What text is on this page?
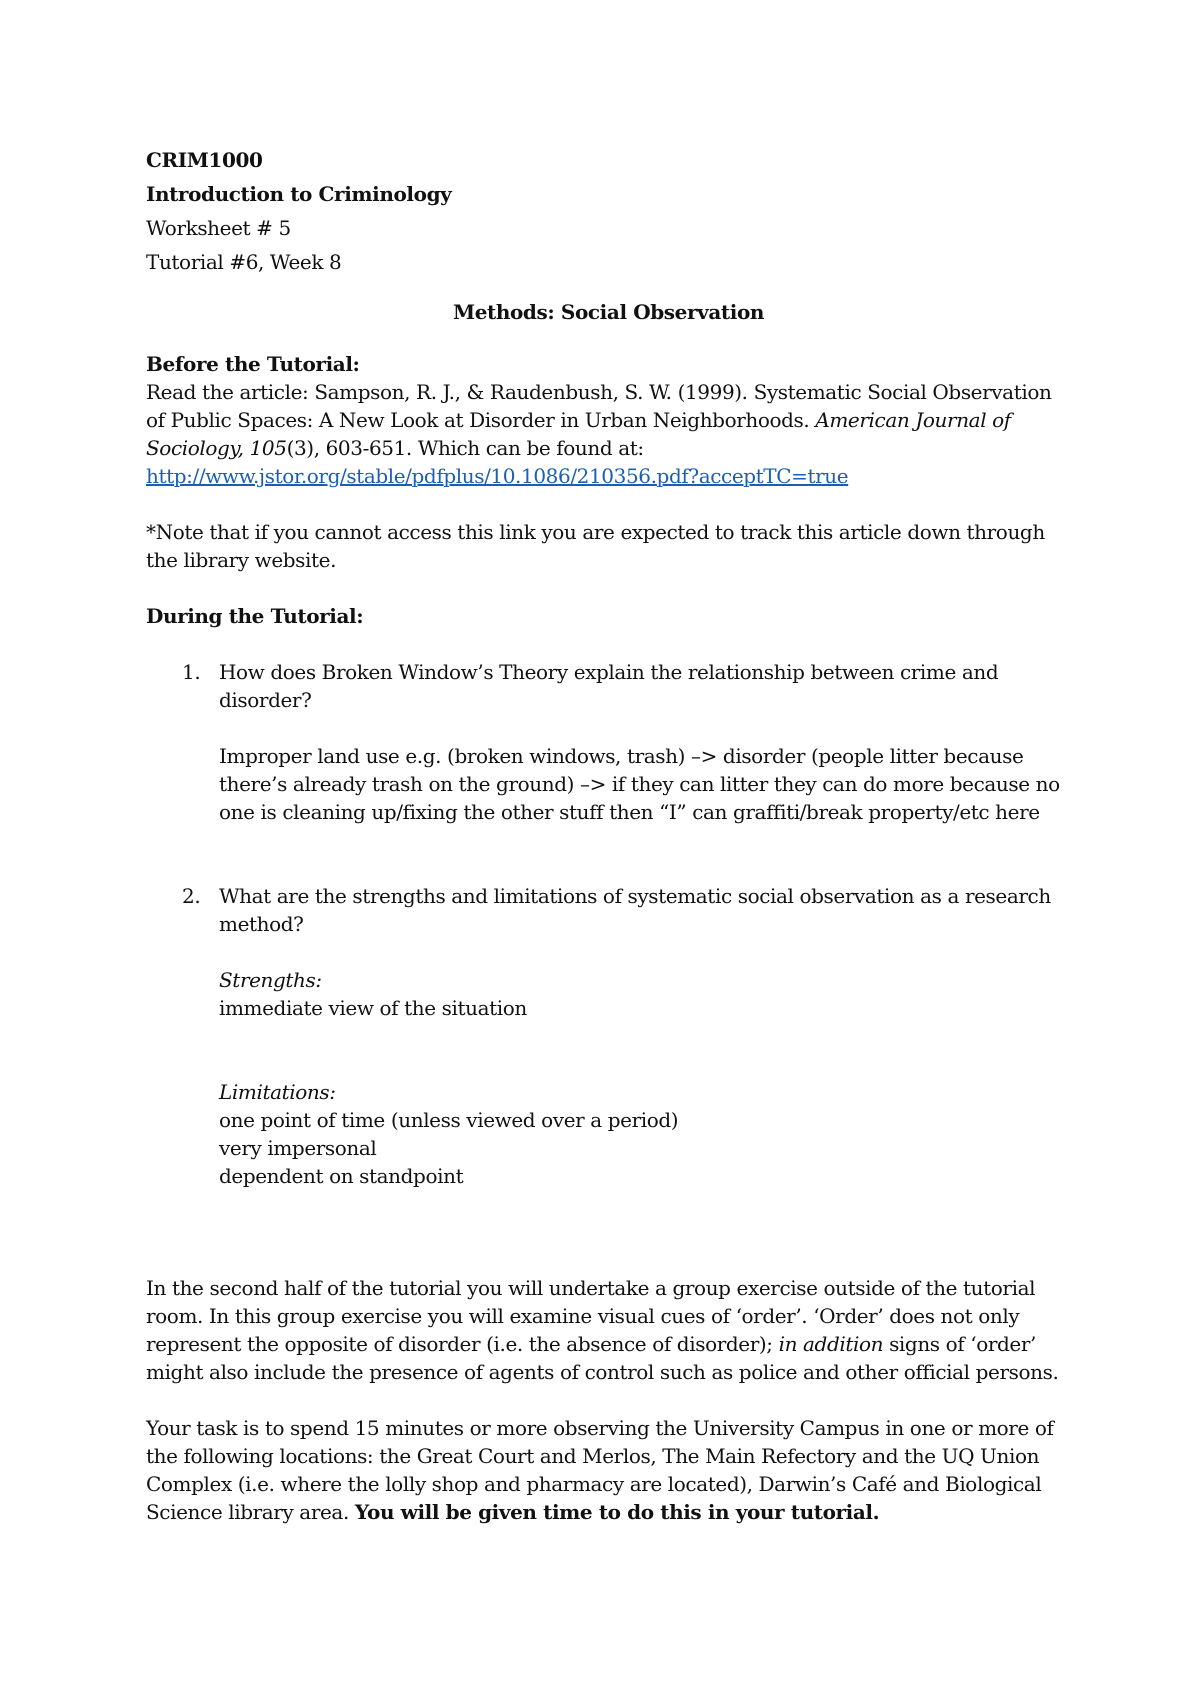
CRIM1000

Introduction to Criminology

Worksheet # 5

Tutorial #6, Week 8

Methods: Social Observation

Before the Tutorial:

Read the article: Sampson, R. J., & Raudenbush, S. W. (1999). Systematic Social Observation of Public Spaces: A New Look at Disorder in Urban Neighborhoods. American Journal of Sociology, 105(3), 603-651. Which can be found at:
http://www.jstor.org/stable/pdfplus/10.1086/210356.pdf?acceptTC=true

*Note that if you cannot access this link you are expected to track this article down through the library website.

During the Tutorial:

1. How does Broken Window’s Theory explain the relationship between crime and disorder?

Improper land use e.g. (broken windows, trash) –> disorder (people litter because there’s already trash on the ground) –> if they can litter they can do more because no one is cleaning up/fixing the other stuff then “I” can graffiti/break property/etc here

2. What are the strengths and limitations of systematic social observation as a research method?

Strengths:

immediate view of the situation

Limitations:

one point of time (unless viewed over a period)

very impersonal

dependent on standpoint

In the second half of the tutorial you will undertake a group exercise outside of the tutorial room. In this group exercise you will examine visual cues of ‘order’. ‘Order’ does not only represent the opposite of disorder (i.e. the absence of disorder); in addition signs of ‘order’ might also include the presence of agents of control such as police and other official persons.

Your task is to spend 15 minutes or more observing the University Campus in one or more of the following locations: the Great Court and Merlos, The Main Refectory and the UQ Union Complex (i.e. where the lolly shop and pharmacy are located), Darwin’s Café and Biological Science library area. You will be given time to do this in your tutorial.
